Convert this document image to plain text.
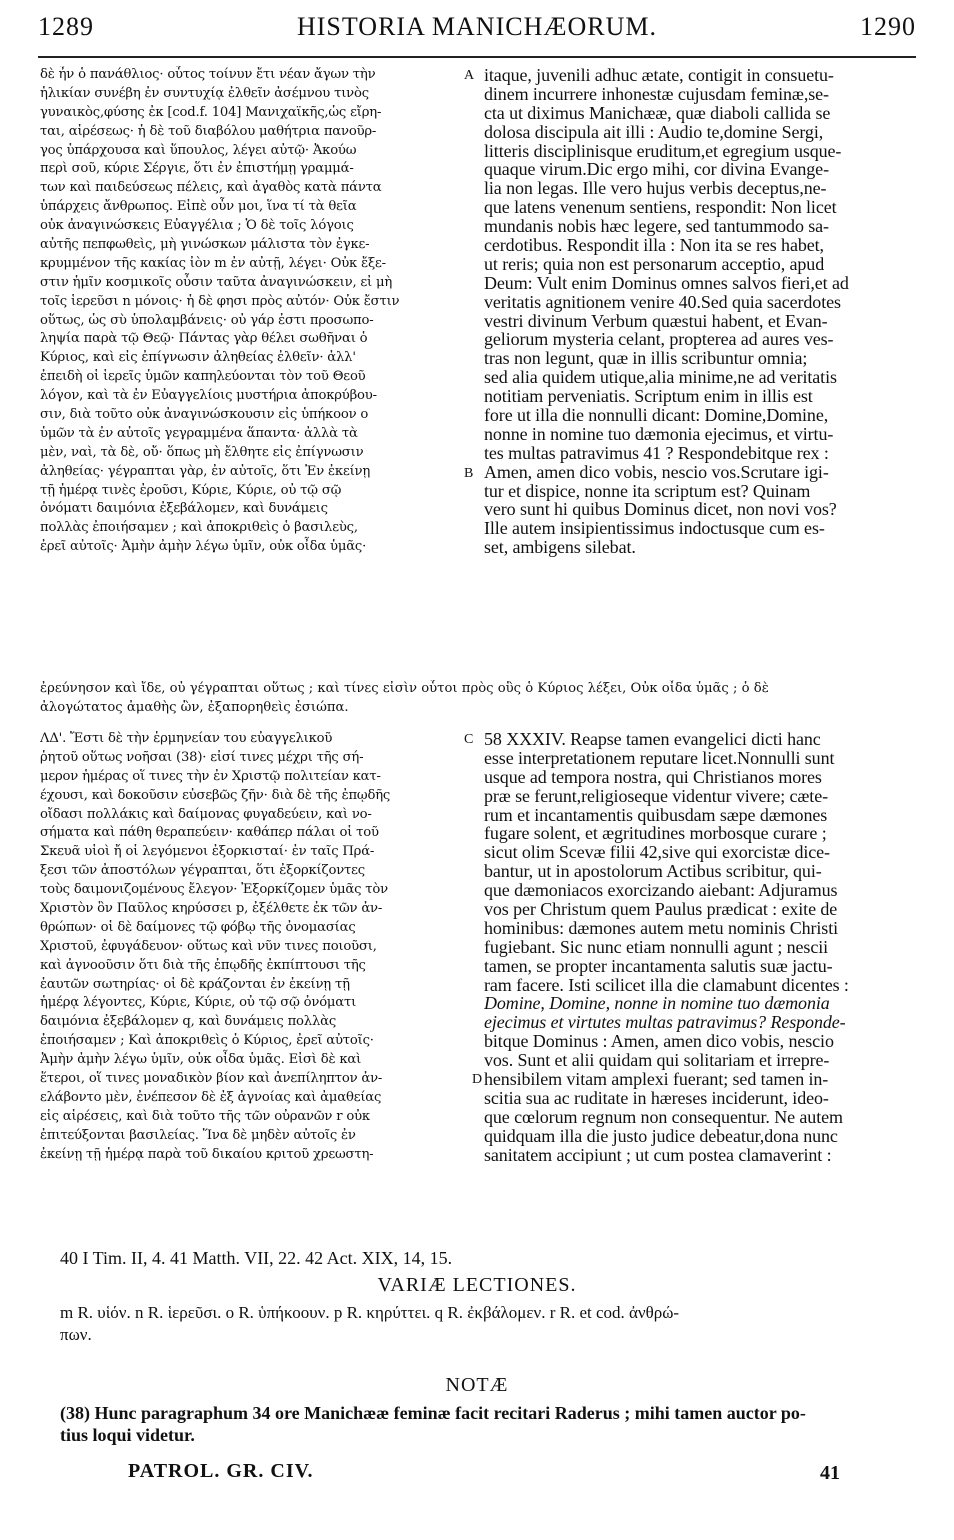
1289	HISTORIA MANICHÆORUM.	1290
δὲ ἦν ὁ πανάθλιος· οὗτος τοίνυν ἔτι νέαν ἄγων τὴν
ἡλικίαν συνέβη ἐν συντυχίᾳ ἐλθεῖν ἀσέμνου τινὸς
γυναικὸς,φύσης ἐκ [cod.f. 104] Μανιχαϊκῆς,ὡς εἴρη-
ται, αἱρέσεως· ἡ δὲ τοῦ διαβόλου μαθήτρια πανοῦρ-
γος ὑπάρχουσα καὶ ὕπουλος, λέγει αὐτῷ· Ἀκούω
περὶ σοῦ, κύριε Σέργιε, ὅτι ἐν ἐπιστήμῃ γραμμά-
των καὶ παιδεύσεως πέλεις, καὶ ἀγαθὸς κατὰ πάντα
ὑπάρχεις ἄνθρωπος. Εἰπὲ οὖν μοι, ἵνα τί τὰ θεῖα
οὐκ ἀναγινώσκεις Εὐαγγέλια ; Ὁ δὲ τοῖς λόγοις
αὐτῆς πεπφωθεὶς, μὴ γινώσκων μάλιστα τὸν ἐγκε-
κρυμμένον τῆς κακίας ἰὸν m ἐν αὐτῇ, λέγει· Οὐκ ἔξε-
στιν ἡμῖν κοσμικοῖς οὖσιν ταῦτα ἀναγινώσκειν, εἰ μὴ
τοῖς ἱερεῦσι n μόνοις· ἡ δὲ φησι πρὸς αὐτόν· Οὐκ ἔστιν
οὕτως, ὡς σὺ ὑπολαμβάνεις· οὐ γάρ ἐστι προσωπο-
ληψία παρὰ τῷ Θεῷ· Πάντας γὰρ θέλει σωθῆναι ὁ
Κύριος, καὶ εἰς ἐπίγνωσιν ἀληθείας ἐλθεῖν· ἀλλ'
ἐπειδὴ οἱ ἱερεῖς ὑμῶν καπηλεύονται τὸν τοῦ Θεοῦ
λόγον, καὶ τὰ ἐν Εὐαγγελίοις μυστήρια ἀποκρύβου-
σιν, διὰ τοῦτο οὐκ ἀναγινώσκουσιν εἰς ὑπήκοον o
ὑμῶν τὰ ἐν αὐτοῖς γεγραμμένα ἅπαντα· ἀλλὰ τὰ
μὲν, ναὶ, τὰ δὲ, οὔ· ὅπως μὴ ἔλθητε εἰς ἐπίγνωσιν
ἀληθείας· γέγραπται γὰρ, ἐν αὐτοῖς, ὅτι Ἐν ἐκείνῃ
τῇ ἡμέρᾳ τινὲς ἐροῦσι, Κύριε, Κύριε, οὐ τῷ σῷ
ὀνόματι δαιμόνια ἐξεβάλομεν, καὶ δυνάμεις
πολλὰς ἐποιήσαμεν ; καὶ ἀποκριθεὶς ὁ βασιλεὺς,
ἐρεῖ αὐτοῖς· Ἀμὴν ἀμὴν λέγω ὑμῖν, οὐκ οἶδα ὑμᾶς·
itaque, juvenili adhuc ætate, contigit in consuetu-
dinem incurrere inhonestæ cujusdam feminæ,se-
cta ut diximus Manichææ, quæ diaboli callida se
dolosa discipula ait illi : Audio te,domine Sergi,
litteris disciplinisque eruditum,et egregium usque-
quaque virum.Dic ergo mihi, cor divina Evange-
lia non legas. Ille vero hujus verbis deceptus,ne-
que latens venenum sentiens, respondit: Non licet
mundanis nobis hæc legere, sed tantummodo sa-
cerdotibus. Respondit illa : Non ita se res habet,
ut reris; quia non est personarum acceptio, apud
Deum: Vult enim Dominus omnes salvos fieri,et ad
veritatis agnitionem venire 40.Sed quia sacerdotes
vestri divinum Verbum quæstui habent, et Evan-
geliorum mysteria celant, propterea ad aures ves-
tras non legunt, quæ in illis scribuntur omnia;
sed alia quidem utique,alia minime,ne ad veritatis
notitiam perveniatis. Scriptum enim in illis est
fore ut illa die nonnulli dicant: Domine,Domine,
nonne in nomine tuo dæmonia ejecimus, et virtu-
tes multas patravimus 41 ? Respondebitque rex :
Amen, amen dico vobis, nescio vos.Scrutare igi-
tur et dispice, nonne ita scriptum est? Quinam
vero sunt hi quibus Dominus dicet, non novi vos?
Ille autem insipientissimus indoctusque cum es-
set, ambigens silebat.
A
B
ἐρεύνησον καὶ ἴδε, οὐ γέγραπται οὕτως ; καὶ τίνες εἰσὶν οὗτοι πρὸς οὓς ὁ Κύριος λέξει, Οὐκ οἶδα ὑμᾶς ; ὁ δὲ
ἀλογώτατος ἀμαθὴς ὢν, ἐξαπορηθεὶς ἐσιώπα.
ΛΔ'. Ἔστι δὲ τὴν ἑρμηνείαν του εὐαγγελικοῦ
ῥητοῦ οὕτως νοῆσαι (38)· εἰσί τινες μέχρι τῆς σή-
μερον ἡμέρας οἵ τινες τὴν ἐν Χριστῷ πολιτείαν κατ-
έχουσι, καὶ δοκοῦσιν εὐσεβῶς ζῆν· διὰ δὲ τῆς ἐπῳδῆς
οἴδασι πολλάκις καὶ δαίμονας φυγαδεύειν, καὶ νο-
σήματα καὶ πάθη θεραπεύειν· καθάπερ πάλαι οἱ τοῦ
Σκευᾶ υἱοὶ ἤ οἱ λεγόμενοι ἐξορκισταί· ἐν ταῖς Πρά-
ξεσι τῶν ἀποστόλων γέγραπται, ὅτι ἐξορκίζοντες
τοὺς δαιμονιζομένους ἔλεγον· Ἐξορκίζομεν ὑμᾶς τὸν
Χριστὸν ὃν Παῦλος κηρύσσει p, ἐξέλθετε ἐκ τῶν ἀν-
θρώπων· οἱ δὲ δαίμονες τῷ φόβῳ τῆς ὀνομασίας
Χριστοῦ, ἐφυγάδευον· οὕτως καὶ νῦν τινες ποιοῦσι,
καὶ ἀγνοοῦσιν ὅτι διὰ τῆς ἐπῳδῆς ἐκπίπτουσι τῆς
ἑαυτῶν σωτηρίας· οἱ δὲ κράζονται ἐν ἐκείνῃ τῇ
ἡμέρᾳ λέγοντες, Κύριε, Κύριε, οὐ τῷ σῷ ὀνόματι
δαιμόνια ἐξεβάλομεν q, καὶ δυνάμεις πολλὰς
ἐποιήσαμεν ; Καὶ ἀποκριθεὶς ὁ Κύριος, ἐρεῖ αὐτοῖς·
Ἀμὴν ἀμὴν λέγω ὑμῖν, οὐκ οἶδα ὑμᾶς. Εἰσὶ δὲ καὶ
ἕτεροι, οἵ τινες μοναδικὸν βίον καὶ ἀνεπίληπτον ἀν-
ελάβοντο μὲν, ἐνέπεσον δὲ ἐξ ἀγνοίας καὶ ἀμαθείας
εἰς αἱρέσεις, καὶ διὰ τοῦτο τῆς τῶν οὐρανῶν r οὐκ
ἐπιτεύξονται βασιλείας. Ἵνα δὲ μηδὲν αὐτοῖς ἐν
ἐκείνῃ τῇ ἡμέρᾳ παρὰ τοῦ δικαίου κριτοῦ χρεωστη-
58 XXXIV. Reapse tamen evangelici dicti hanc
esse interpretationem reputare licet.Nonnulli sunt
usque ad tempora nostra, qui Christianos mores
præ se ferunt,religioseque videntur vivere; cæte-
rum et incantamentis quibusdam sæpe dæmones
fugare solent, et ægritudines morbosque curare ;
sicut olim Scevæ filii 42,sive qui exorcistæ dice-
bantur, ut in apostolorum Actibus scribitur, qui-
que dæmoniacos exorcizando aiebant: Adjuramus
vos per Christum quem Paulus prædicat : exite de
hominibus: dæmones autem metu nominis Christi
fugiebant. Sic nunc etiam nonnulli agunt ; nescii
tamen, se propter incantamenta salutis suæ jactu-
ram facere. Isti scilicet illa die clamabunt dicentes :
Domine, Domine, nonne in nomine tuo dæmonia
ejecimus et virtutes multas patravimus? Responde-
bitque Dominus : Amen, amen dico vobis, nescio
vos. Sunt et alii quidam qui solitariam et irrepre-
hensibilem vitam amplexi fuerant; sed tamen in-
scitia sua ac ruditate in hæreses inciderunt, ideo-
que cœlorum regnum non consequentur. Ne autem
quidquam illa die justo judice debeatur,dona nunc
sanitatem accipiunt ; ut cum postea clamaverint :
C
D
40 I Tim. II, 4. 41 Matth. VII, 22. 42 Act. XIX, 14, 15.
VARIÆ LECTIONES.
m R. υἱόν. n R. ἱερεῦσι. o R. ὑπήκοουν. p R. κηρύττει. q R. ἐκβάλομεν. r R. et cod. ἀνθρώ-
πων.
NOTÆ
(38) Hunc paragraphum 34 ore Manichææ feminæ facit recitari Raderus ; mihi tamen auctor po-
tius loqui videtur.
PATROL. GR. CIV.	41
